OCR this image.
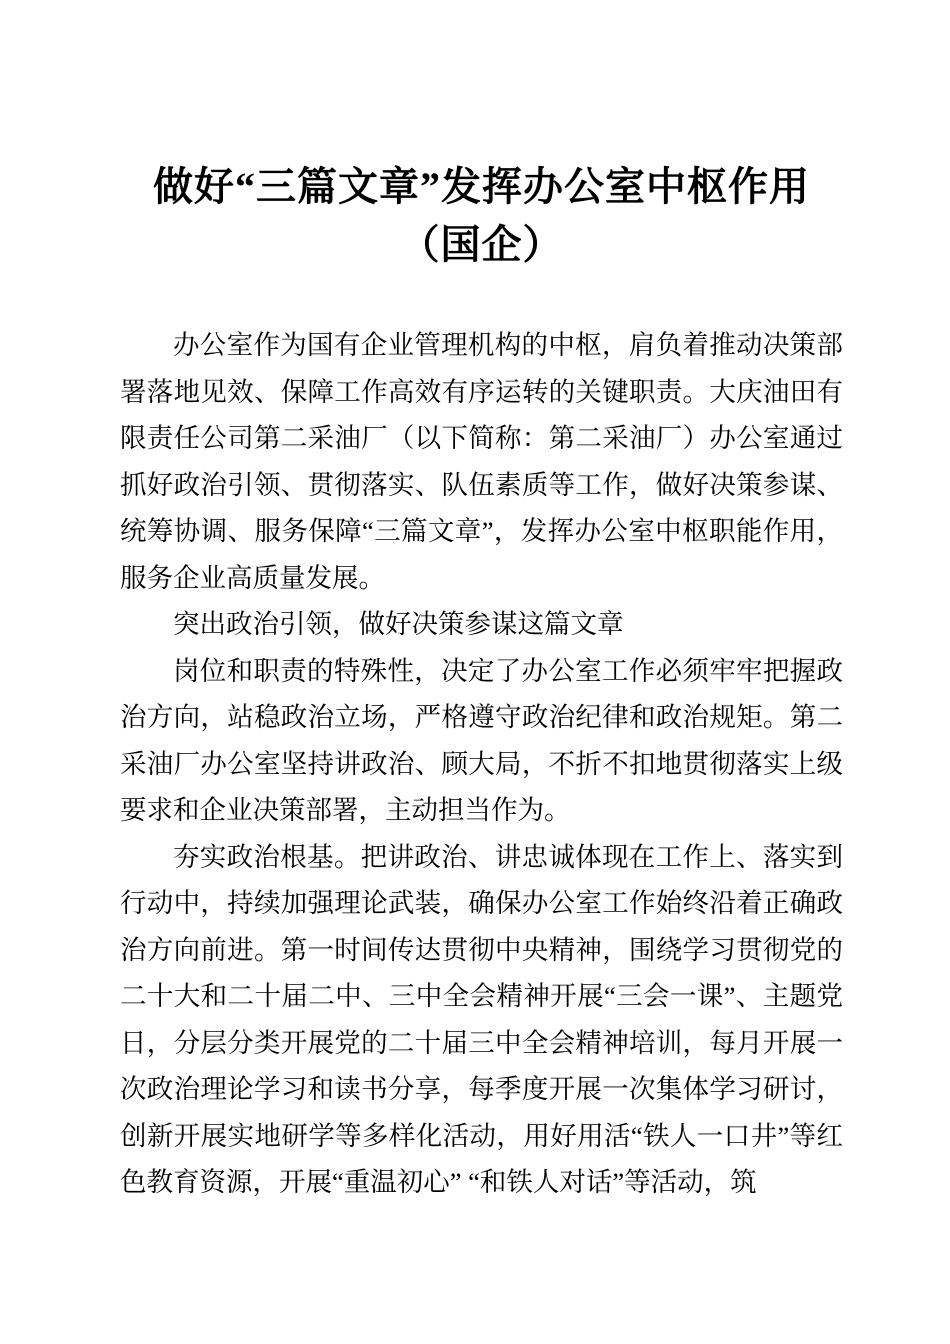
做好“三篇文章”发挥办公室中枢作用
（国企）

办公室作为国有企业管理机构的中枢，肩负着推动决策部署落地见效、保障工作高效有序运转的关键职责。大庆油田有限责任公司第二采油厂（以下简称：第二采油厂）办公室通过抓好政治引领、贯彻落实、队伍素质等工作，做好决策参谋、统筹协调、服务保障“三篇文章”，发挥办公室中枢职能作用，服务企业高质量发展。

突出政治引领，做好决策参谋这篇文章

岗位和职责的特殊性，决定了办公室工作必须牢牢把握政治方向，站稳政治立场，严格遵守政治纪律和政治规矩。第二采油厂办公室坚持讲政治、顾大局，不折不扣地贯彻落实上级要求和企业决策部署，主动担当作为。

夯实政治根基。把讲政治、讲忠诚体现在工作上、落实到行动中，持续加强理论武装，确保办公室工作始终沿着正确政治方向前进。第一时间传达贯彻中央精神，围绕学习贯彻党的二十大和二十届二中、三中全会精神开展“三会一课”、主题党日，分层分类开展党的二十届三中全会精神培训，每月开展一次政治理论学习和读书分享，每季度开展一次集体学习研讨，创新开展实地研学等多样化活动，用好用活“铁人一口井”等红色教育资源，开展“重温初心” “和铁人对话”等活动，筑
